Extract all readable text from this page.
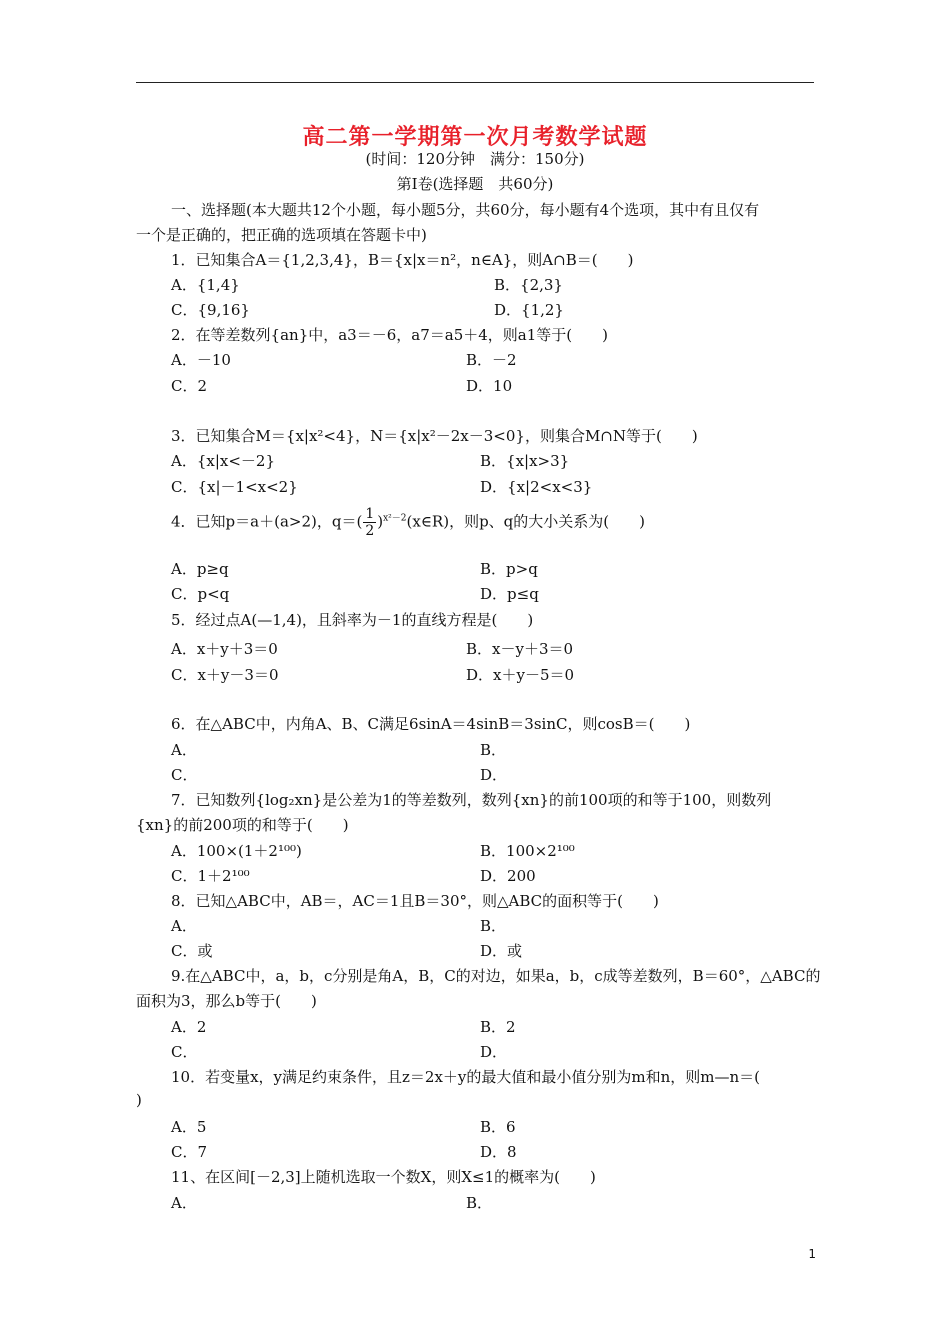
高二第一学期第一次月考数学试题
(时间：120分钟　满分：150分)
第Ⅰ卷(选择题　共60分)
一、选择题(本大题共12个小题，每小题5分，共60分，每小题有4个选项，其中有且仅有
一个是正确的，把正确的选项填在答题卡中)
1．已知集合A＝{1,2,3,4}，B＝{x|x＝n²，n∈A}，则A∩B＝(　　)
A．{1,4}	B．{2,3}
C．{9,16}	D．{1,2}
2．在等差数列{an}中，a3＝－6，a7＝a5＋4，则a1等于(　　)
A．－10	B．－2
C．2	D．10
3．已知集合M＝{x|x²<4}，N＝{x|x²－2x－3<0}，则集合M∩N等于(　　)
A．{x|x<－2}	B．{x|x>3}
C．{x|－1<x<2}	D．{x|2<x<3}
4．已知p＝a＋(a>2)，$q=( \frac{1}{2}$ )$^{x^2-2}(x\in R)$，则p、q的大小关系为(　　)
A．p≥q	B．p>q
C．p<q	D．p≤q
5．经过点A(—1,4)，且斜率为－1的直线方程是(　　)
A．x＋y＋3＝0	B．x－y＋3＝0
C．x＋y－3＝0	D．x＋y－5＝0
6．在△ABC中，内角A、B、C满足6sinA＝4sinB＝3sinC，则cosB＝(　　)
A．	B．
C．	D．
7．已知数列{log₂xn}是公差为1的等差数列，数列{xn}的前100项的和等于100，则数列
{xn}的前200项的和等于(　　)
A．100×(1＋2¹⁰⁰)	B．100×2¹⁰⁰
C．1＋2¹⁰⁰	D．200
8．已知△ABC中，AB＝，AC＝1且B＝30°，则△ABC的面积等于(　　)
A．	B．
C．或	D．或
9.在△ABC中，a，b，c分别是角A，B，C的对边，如果a，b，c成等差数列，B＝60°，△ABC的
面积为3，那么b等于(　　)
A．2	B．2
C．	D．
10．若变量x，y满足约束条件，且z＝2x＋y的最大值和最小值分别为m和n，则m—n＝(
)
A．5	B．6
C．7	D．8
11、在区间[－2,3]上随机选取一个数X，则X≤1的概率为(　　)
A．	B．
1
